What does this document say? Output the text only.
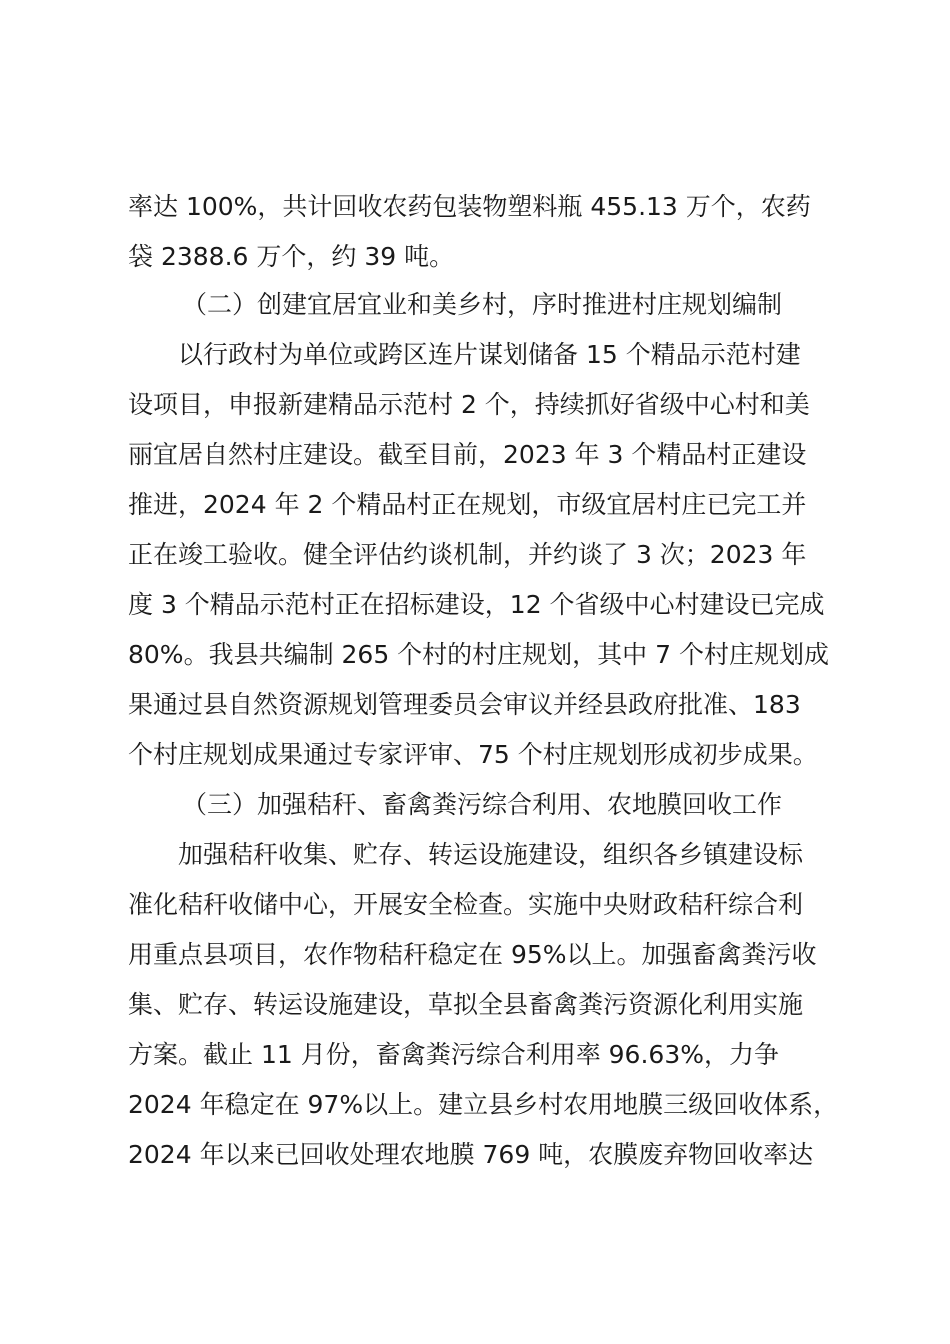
率达 100%，共计回收农药包装物塑料瓶 455.13 万个，农药
袋 2388.6 万个，约 39 吨。
（二）创建宜居宜业和美乡村，序时推进村庄规划编制
以行政村为单位或跨区连片谋划储备 15 个精品示范村建
设项目，申报新建精品示范村 2 个，持续抓好省级中心村和美
丽宜居自然村庄建设。截至目前，2023 年 3 个精品村正建设
推进，2024 年 2 个精品村正在规划，市级宜居村庄已完工并
正在竣工验收。健全评估约谈机制，并约谈了 3 次；2023 年
度 3 个精品示范村正在招标建设，12 个省级中心村建设已完成
80%。我县共编制 265 个村的村庄规划，其中 7 个村庄规划成
果通过县自然资源规划管理委员会审议并经县政府批准、183
个村庄规划成果通过专家评审、75 个村庄规划形成初步成果。
（三）加强秸秆、畜禽粪污综合利用、农地膜回收工作
加强秸秆收集、贮存、转运设施建设，组织各乡镇建设标
准化秸秆收储中心，开展安全检查。实施中央财政秸秆综合利
用重点县项目，农作物秸秆稳定在 95%以上。加强畜禽粪污收
集、贮存、转运设施建设，草拟全县畜禽粪污资源化利用实施
方案。截止 11 月份，畜禽粪污综合利用率 96.63%，力争
2024 年稳定在 97%以上。建立县乡村农用地膜三级回收体系，
2024 年以来已回收处理农地膜 769 吨，农膜废弃物回收率达
